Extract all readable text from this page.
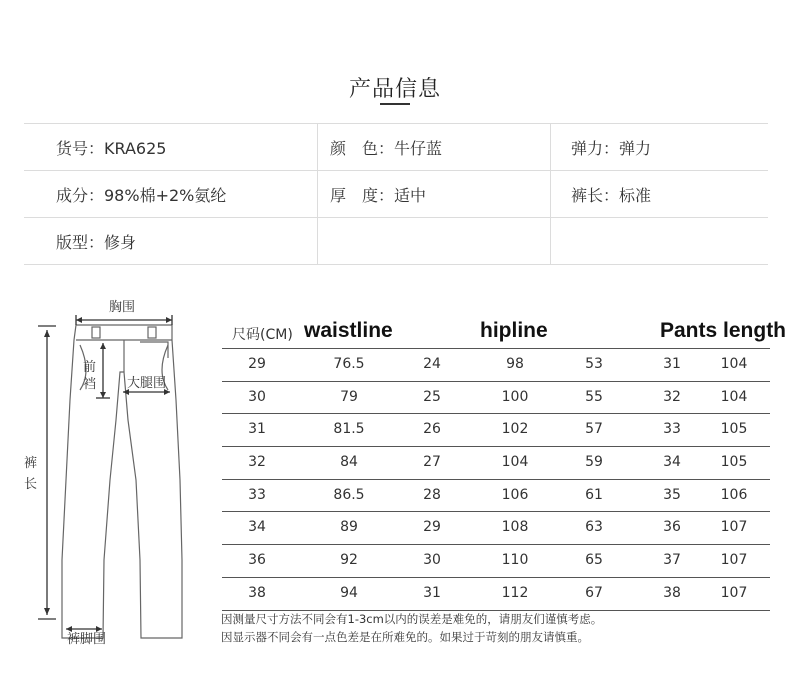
产品信息
货号：KRA625	颜　色：牛仔蓝	弹力：弹力
成分：98%棉+2%氨纶	厚　度：适中	裤长：标准
版型：修身
胸围
前
裆 大腿围
裤
长
裤脚围
尺码(CM) waistline	hipline	Pants length
29	76.5	24	98	53	31	104
30	79	25	100	55	32	104
31	81.5	26	102	57	33	105
32	84	27	104	59	34	105
33	86.5	28	106	61	35	106
34	89	29	108	63	36	107
36	92	30	110	65	37	107
38	94	31	112	67	38	107
因测量尺寸方法不同会有1-3cm以内的误差是难免的，请朋友们谨慎考虑。
因显示器不同会有一点色差是在所难免的。如果过于苛刻的朋友请慎重。
